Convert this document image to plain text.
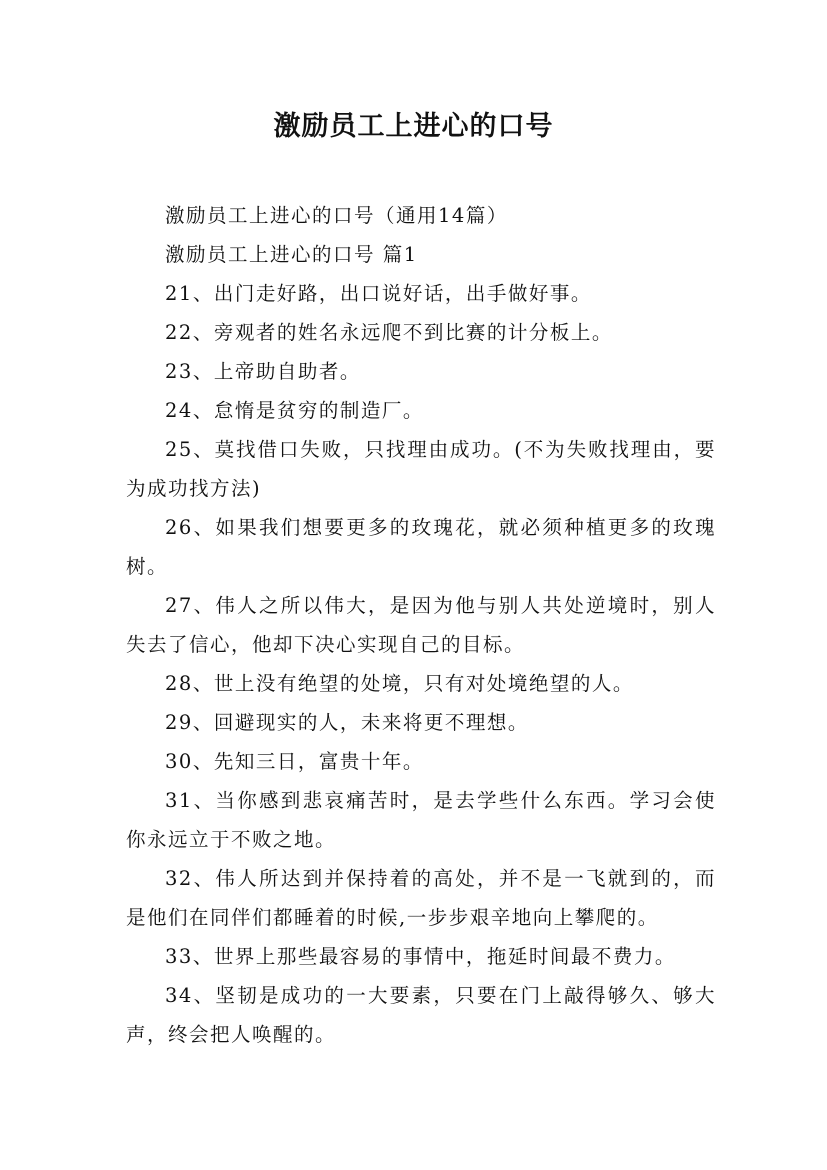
激励员工上进心的口号

激励员工上进心的口号（通用14篇）

激励员工上进心的口号 篇1

21、出门走好路，出口说好话，出手做好事。

22、旁观者的姓名永远爬不到比赛的计分板上。

23、上帝助自助者。

24、怠惰是贫穷的制造厂。

25、莫找借口失败，只找理由成功。(不为失败找理由，要为成功找方法)

26、如果我们想要更多的玫瑰花，就必须种植更多的玫瑰树。

27、伟人之所以伟大，是因为他与别人共处逆境时，别人失去了信心，他却下决心实现自己的目标。

28、世上没有绝望的处境，只有对处境绝望的人。

29、回避现实的人，未来将更不理想。

30、先知三日，富贵十年。

31、当你感到悲哀痛苦时，是去学些什么东西。学习会使你永远立于不败之地。

32、伟人所达到并保持着的高处，并不是一飞就到的，而是他们在同伴们都睡着的时候,一步步艰辛地向上攀爬的。

33、世界上那些最容易的事情中，拖延时间最不费力。

34、坚韧是成功的一大要素，只要在门上敲得够久、够大声，终会把人唤醒的。
